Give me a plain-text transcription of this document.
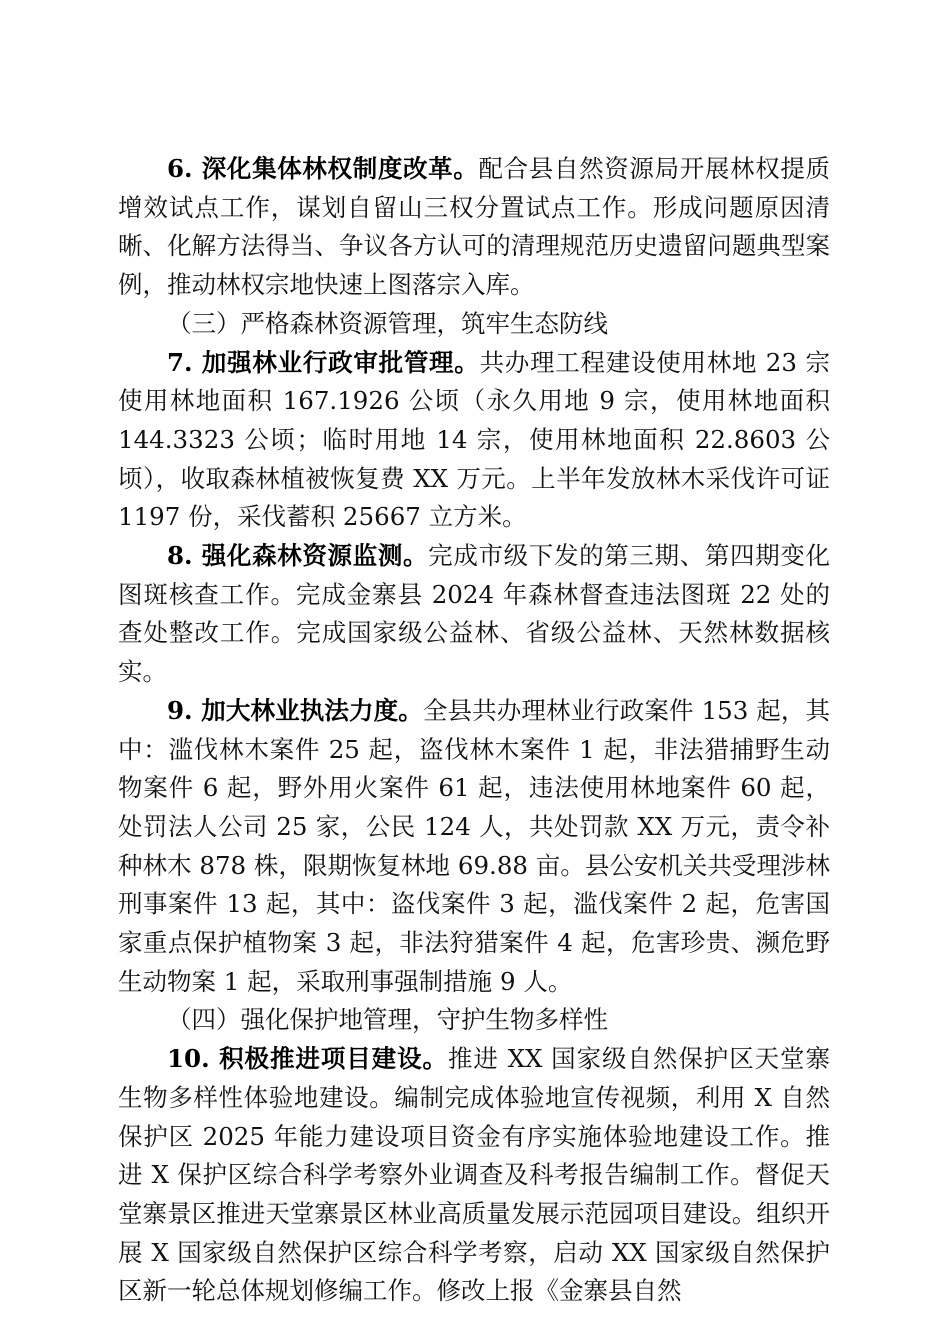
6. 深化集体林权制度改革。配合县自然资源局开展林权提质增效试点工作，谋划自留山三权分置试点工作。形成问题原因清晰、化解方法得当、争议各方认可的清理规范历史遗留问题典型案例，推动林权宗地快速上图落宗入库。

（三）严格森林资源管理，筑牢生态防线

7. 加强林业行政审批管理。共办理工程建设使用林地 23 宗使用林地面积 167.1926 公顷（永久用地 9 宗，使用林地面积 144.3323 公顷；临时用地 14 宗，使用林地面积 22.8603 公顷），收取森林植被恢复费 XX 万元。上半年发放林木采伐许可证 1197 份，采伐蓄积 25667 立方米。

8. 强化森林资源监测。完成市级下发的第三期、第四期变化图斑核查工作。完成金寨县 2024 年森林督查违法图斑 22 处的查处整改工作。完成国家级公益林、省级公益林、天然林数据核实。

9. 加大林业执法力度。全县共办理林业行政案件 153 起，其中：滥伐林木案件 25 起，盗伐林木案件 1 起，非法猎捕野生动物案件 6 起，野外用火案件 61 起，违法使用林地案件 60 起，处罚法人公司 25 家，公民 124 人，共处罚款 XX 万元，责令补种林木 878 株，限期恢复林地 69.88 亩。县公安机关共受理涉林刑事案件 13 起，其中：盗伐案件 3 起，滥伐案件 2 起，危害国家重点保护植物案 3 起，非法狩猎案件 4 起，危害珍贵、濒危野生动物案 1 起，采取刑事强制措施 9 人。

（四）强化保护地管理，守护生物多样性

10. 积极推进项目建设。推进 XX 国家级自然保护区天堂寨生物多样性体验地建设。编制完成体验地宣传视频，利用 X 自然保护区 2025 年能力建设项目资金有序实施体验地建设工作。推进 X 保护区综合科学考察外业调查及科考报告编制工作。督促天堂寨景区推进天堂寨景区林业高质量发展示范园项目建设。组织开展 X 国家级自然保护区综合科学考察，启动 XX 国家级自然保护区新一轮总体规划修编工作。修改上报《金寨县自然
